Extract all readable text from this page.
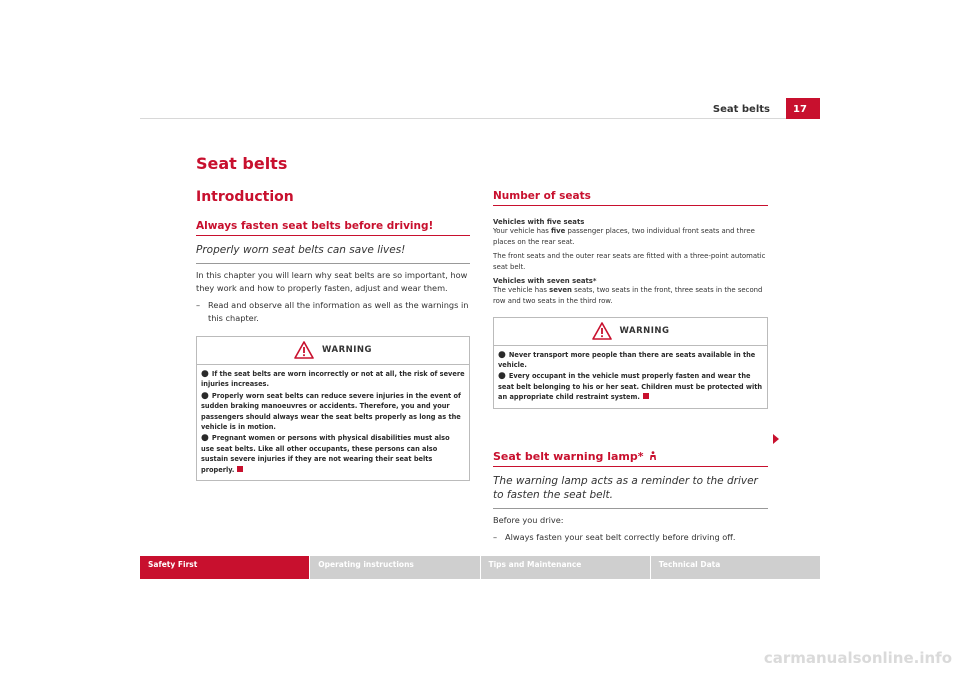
Seat belts	17
Seat belts
Introduction
Always fasten seat belts before driving!
Properly worn seat belts can save lives!
In this chapter you will learn why seat belts are so important, how they work and how to properly fasten, adjust and wear them.
– Read and observe all the information as well as the warnings in this chapter.
WARNING
● If the seat belts are worn incorrectly or not at all, the risk of severe injuries increases.
● Properly worn seat belts can reduce severe injuries in the event of sudden braking manoeuvres or accidents. Therefore, you and your passengers should always wear the seat belts properly as long as the vehicle is in motion.
● Pregnant women or persons with physical disabilities must also use seat belts. Like all other occupants, these persons can also sustain severe injuries if they are not wearing their seat belts properly.
Number of seats
Vehicles with five seats
Your vehicle has five passenger places, two individual front seats and three places on the rear seat.
The front seats and the outer rear seats are fitted with a three-point automatic seat belt.
Vehicles with seven seats*
The vehicle has seven seats, two seats in the front, three seats in the second row and two seats in the third row.
WARNING
● Never transport more people than there are seats available in the vehicle.
● Every occupant in the vehicle must properly fasten and wear the seat belt belonging to his or her seat. Children must be protected with an appropriate child restraint system.
Seat belt warning lamp*
The warning lamp acts as a reminder to the driver to fasten the seat belt.
Before you drive:
– Always fasten your seat belt correctly before driving off.
Safety First	Operating instructions	Tips and Maintenance	Technical Data
carmanualsonline.info
